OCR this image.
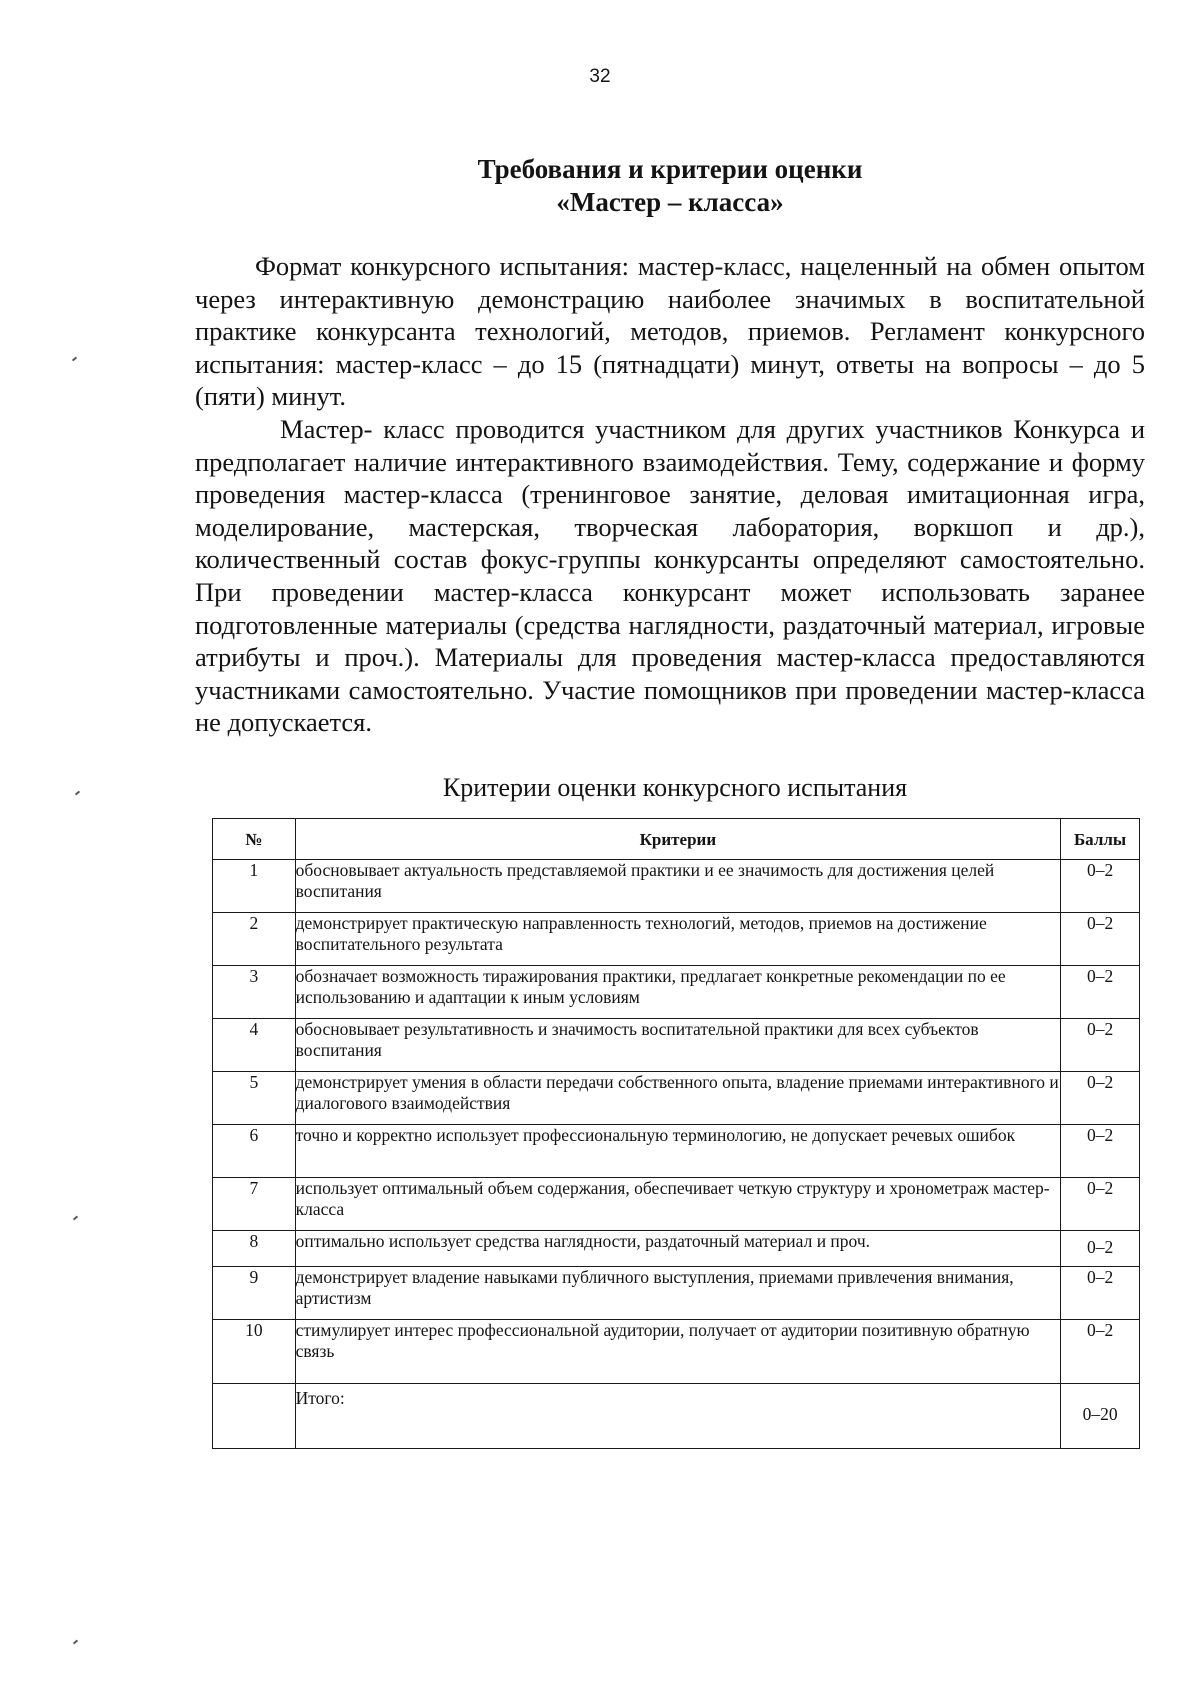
32
Требования и критерии оценки
«Мастер – класса»

Формат конкурсного испытания: мастер-класс, нацеленный на обмен опытом через интерактивную демонстрацию наиболее значимых в воспитательной практике конкурсанта технологий, методов, приемов. Регламент конкурсного испытания: мастер-класс – до 15 (пятнадцати) минут, ответы на вопросы – до 5 (пяти) минут.

Мастер- класс проводится участником для других участников Конкурса и предполагает наличие интерактивного взаимодействия. Тему, содержание и форму проведения мастер-класса (тренинговое занятие, деловая имитационная игра, моделирование, мастерская, творческая лаборатория, воркшоп и др.), количественный состав фокус-группы конкурсанты определяют самостоятельно. При проведении мастер-класса конкурсант может использовать заранее подготовленные материалы (средства наглядности, раздаточный материал, игровые атрибуты и проч.). Материалы для проведения мастер-класса предоставляются участниками самостоятельно. Участие помощников при проведении мастер-класса не допускается.

Критерии оценки конкурсного испытания
№	Критерии	Баллы
1	обосновывает актуальность представляемой практики и ее значимость для достижения целей воспитания	0–2
2	демонстрирует практическую направленность технологий, методов, приемов на достижение воспитательного результата	0–2
3	обозначает возможность тиражирования практики, предлагает конкретные рекомендации по ее использованию и адаптации к иным условиям	0–2
4	обосновывает результативность и значимость воспитательной практики для всех субъектов воспитания	0–2
5	демонстрирует умения в области передачи собственного опыта, владение приемами интерактивного и диалогового взаимодействия	0–2
6	точно и корректно использует профессиональную терминологию, не допускает речевых ошибок	0–2
7	использует оптимальный объем содержания, обеспечивает четкую структуру и хронометраж мастер-класса	0–2
8	оптимально использует средства наглядности, раздаточный материал и проч.	0–2
9	демонстрирует владение навыками публичного выступления, приемами привлечения внимания, артистизм	0–2
10	стимулирует интерес профессиональной аудитории, получает от аудитории позитивную обратную связь	0–2
	Итого:	0–20
